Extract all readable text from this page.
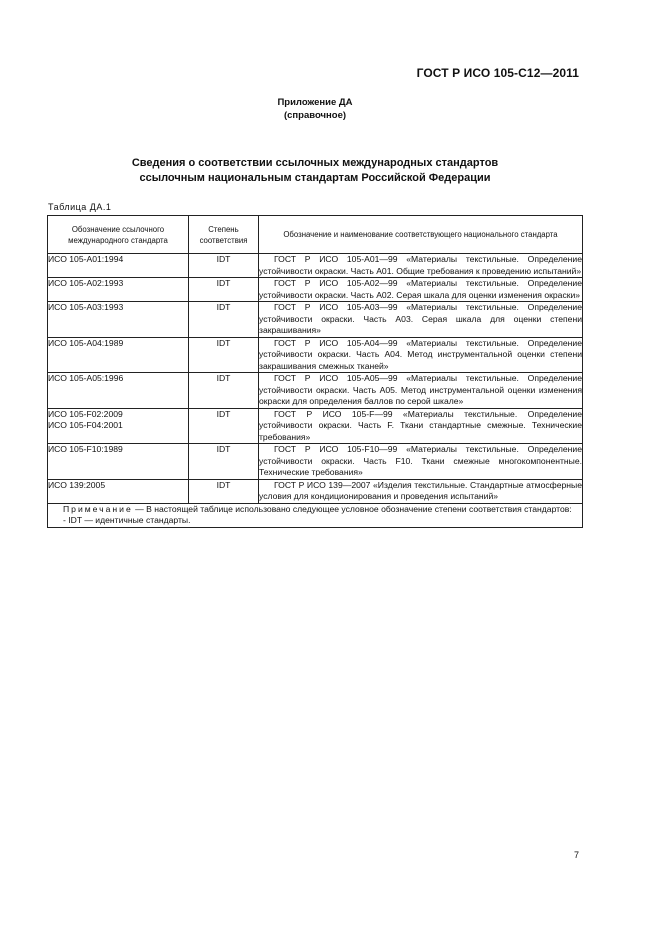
ГОСТ Р ИСО 105-С12—2011
Приложение ДА
(справочное)
Сведения о соответствии ссылочных международных стандартов
ссылочным национальным стандартам Российской Федерации
Таблица ДА.1
Обозначение ссылочного международного стандарта	Степень соответствия	Обозначение и наименование соответствующего национального стандарта

ИСО 105-А01:1994	IDT	ГОСТ Р ИСО 105-А01—99 «Материалы текстильные. Определение устойчивости окраски. Часть А01. Общие требования к проведению испытаний»

ИСО 105-А02:1993	IDT	ГОСТ Р ИСО 105-А02—99 «Материалы текстильные. Определение устойчивости окраски. Часть А02. Серая шкала для оценки изменения окраски»

ИСО 105-А03:1993	IDT	ГОСТ Р ИСО 105-А03—99 «Материалы текстильные. Определение устойчивости окраски. Часть А03. Серая шкала для оценки степени закрашивания»

ИСО 105-А04:1989	IDT	ГОСТ Р ИСО 105-А04—99 «Материалы текстильные. Определение устойчивости окраски. Часть А04. Метод инструментальной оценки степени закрашивания смежных тканей»

ИСО 105-А05:1996	IDT	ГОСТ Р ИСО 105-А05—99 «Материалы текстильные. Определение устойчивости окраски. Часть А05. Метод инструментальной оценки изменения окраски для определения баллов по серой шкале»

ИСО 105-F02:2009
ИСО 105-F04:2001	IDT	ГОСТ Р ИСО 105-F—99 «Материалы текстильные. Определение устойчивости окраски. Часть F. Ткани стандартные смежные. Технические требования»

ИСО 105-F10:1989	IDT	ГОСТ Р ИСО 105-F10—99 «Материалы текстильные. Определение устойчивости окраски. Часть F10. Ткани смежные многокомпонентные. Технические требования»

ИСО 139:2005	IDT	ГОСТ Р ИСО 139—2007 «Изделия текстильные. Стандартные атмосферные условия для кондиционирования и проведения испытаний»

Примечание — В настоящей таблице использовано следующее условное обозначение степени соответствия стандартов:
- IDT — идентичные стандарты.		
7
